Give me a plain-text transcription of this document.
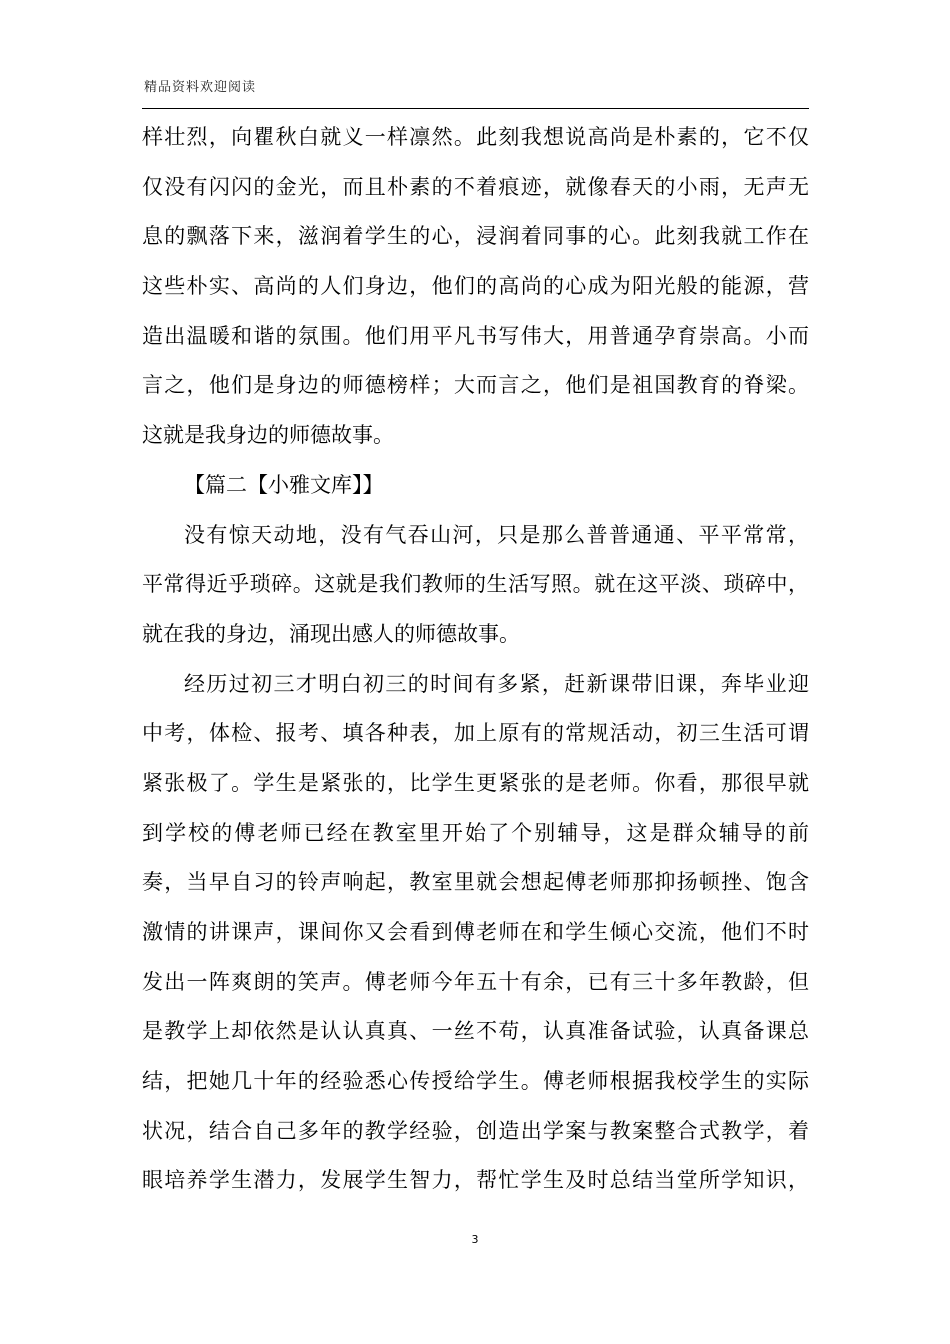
精品资料欢迎阅读
样壮烈，向瞿秋白就义一样凛然。此刻我想说高尚是朴素的，它不仅
仅没有闪闪的金光，而且朴素的不着痕迹，就像春天的小雨，无声无
息的飘落下来，滋润着学生的心，浸润着同事的心。此刻我就工作在
这些朴实、高尚的人们身边，他们的高尚的心成为阳光般的能源，营
造出温暖和谐的氛围。他们用平凡书写伟大，用普通孕育崇高。小而
言之，他们是身边的师德榜样；大而言之，他们是祖国教育的脊梁。
这就是我身边的师德故事。
【篇二【小雅文库】】
没有惊天动地，没有气吞山河，只是那么普普通通、平平常常，
平常得近乎琐碎。这就是我们教师的生活写照。就在这平淡、琐碎中，
就在我的身边，涌现出感人的师德故事。
经历过初三才明白初三的时间有多紧，赶新课带旧课，奔毕业迎
中考，体检、报考、填各种表，加上原有的常规活动，初三生活可谓
紧张极了。学生是紧张的，比学生更紧张的是老师。你看，那很早就
到学校的傅老师已经在教室里开始了个别辅导，这是群众辅导的前
奏，当早自习的铃声响起，教室里就会想起傅老师那抑扬顿挫、饱含
激情的讲课声，课间你又会看到傅老师在和学生倾心交流，他们不时
发出一阵爽朗的笑声。傅老师今年五十有余，已有三十多年教龄，但
是教学上却依然是认认真真、一丝不苟，认真准备试验，认真备课总
结，把她几十年的经验悉心传授给学生。傅老师根据我校学生的实际
状况，结合自己多年的教学经验，创造出学案与教案整合式教学，着
眼培养学生潜力，发展学生智力，帮忙学生及时总结当堂所学知识，
3
